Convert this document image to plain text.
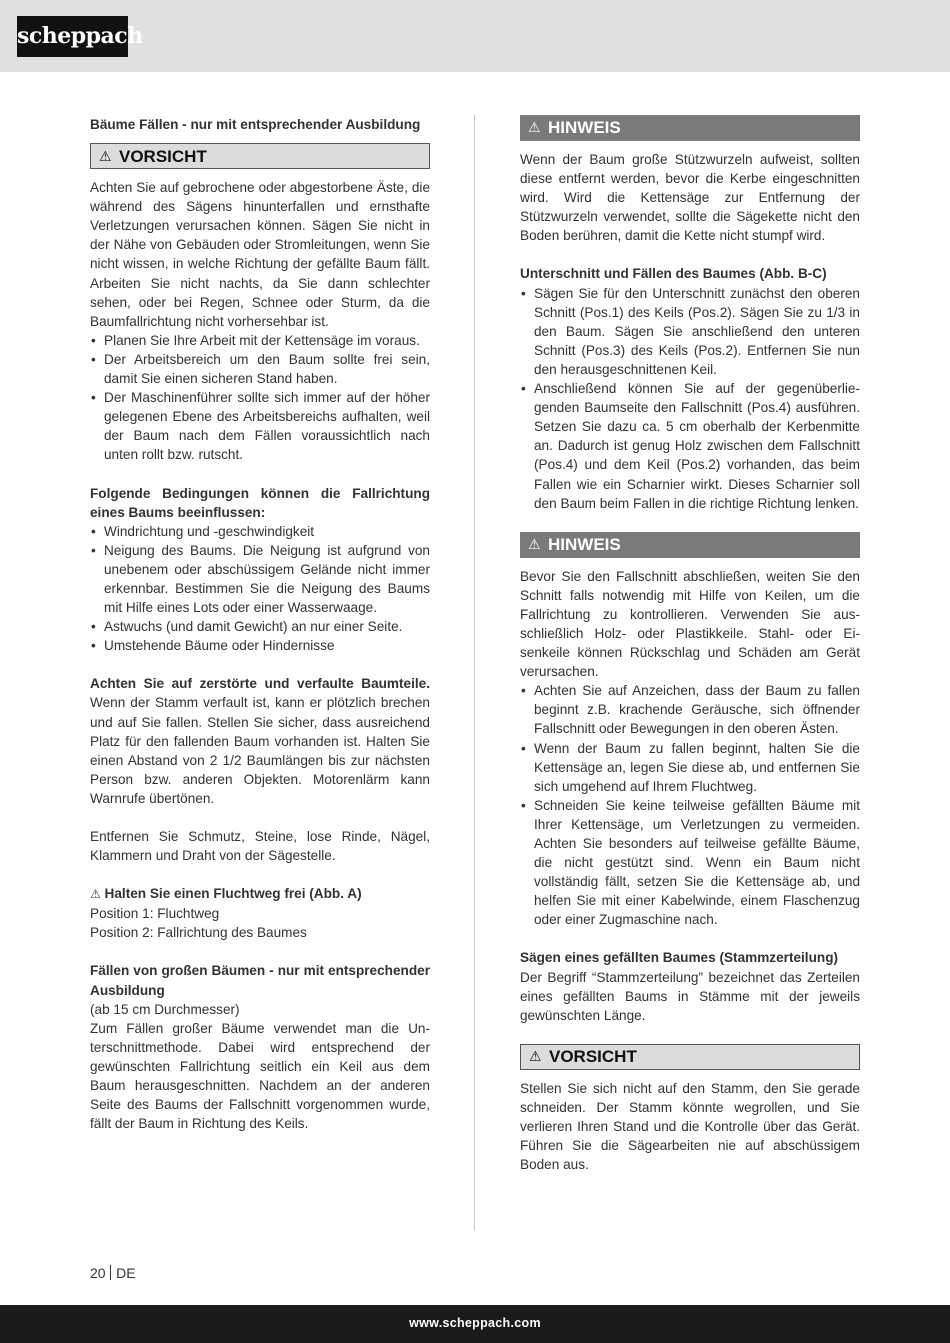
scheppach

Bäume Fällen - nur mit entsprechender Ausbildung

⚠ VORSICHT

Achten Sie auf gebrochene oder abgestorbene Äste, die während des Sägens hinunterfallen und ernsthafte Verletzungen verursachen können. Sägen Sie nicht in der Nähe von Gebäuden oder Stromleitungen, wenn Sie nicht wissen, in welche Richtung der gefällte Baum fällt. Arbeiten Sie nicht nachts, da Sie dann schlechter sehen, oder bei Regen, Schnee oder Sturm, da die Baumfallrichtung nicht vorhersehbar ist.

• Planen Sie Ihre Arbeit mit der Kettensäge im voraus.
• Der Arbeitsbereich um den Baum sollte frei sein, damit Sie einen sicheren Stand haben.
• Der Maschinenführer sollte sich immer auf der höher gelegenen Ebene des Arbeitsbereichs aufhalten, weil der Baum nach dem Fällen voraussichtlich nach unten rollt bzw. rutscht.

Folgende Bedingungen können die Fallrichtung eines Baums beeinflussen:

• Windrichtung und -geschwindigkeit
• Neigung des Baums. Die Neigung ist aufgrund von unebenem oder abschüssigem Gelände nicht immer erkennbar. Bestimmen Sie die Neigung des Baums mit Hilfe eines Lots oder einer Wasserwaage.
• Astwuchs (und damit Gewicht) an nur einer Seite.
• Umstehende Bäume oder Hindernisse

Achten Sie auf zerstörte und verfaulte Baumteile. Wenn der Stamm verfault ist, kann er plötzlich brechen und auf Sie fallen. Stellen Sie sicher, dass ausreichend Platz für den fallenden Baum vorhanden ist. Halten Sie einen Abstand von 2 1/2 Baumlängen bis zur nächsten Person bzw. anderen Objekten. Motorenlärm kann Warnrufe übertönen.

Entfernen Sie Schmutz, Steine, lose Rinde, Nägel, Klammern und Draht von der Sägestelle.

⚠ Halten Sie einen Fluchtweg frei (Abb. A)

Position 1: Fluchtweg

Position 2: Fallrichtung des Baumes

Fällen von großen Bäumen - nur mit entsprechender Ausbildung

(ab 15 cm Durchmesser)

Zum Fällen großer Bäume verwendet man die Unterschnittmethode. Dabei wird entsprechend der gewünschten Fallrichtung seitlich ein Keil aus dem Baum herausgeschnitten. Nachdem an der anderen Seite des Baums der Fallschnitt vorgenommen wurde, fällt der Baum in Richtung des Keils.

⚠ HINWEIS

Wenn der Baum große Stützwurzeln aufweist, sollten diese entfernt werden, bevor die Kerbe eingeschnitten wird. Wird die Kettensäge zur Entfernung der Stützwurzeln verwendet, sollte die Sägekette nicht den Boden berühren, damit die Kette nicht stumpf wird.

Unterschnitt und Fällen des Baumes (Abb. B-C)

• Sägen Sie für den Unterschnitt zunächst den oberen Schnitt (Pos.1) des Keils (Pos.2). Sägen Sie zu 1/3 in den Baum. Sägen Sie anschließend den unteren Schnitt (Pos.3) des Keils (Pos.2). Entfernen Sie nun den herausgeschnittenen Keil.
• Anschließend können Sie auf der gegenüberliegenden Baumseite den Fallschnitt (Pos.4) ausführen. Setzen Sie dazu ca. 5 cm oberhalb der Kerbenmitte an. Dadurch ist genug Holz zwischen dem Fallschnitt (Pos.4) und dem Keil (Pos.2) vorhanden, das beim Fallen wie ein Scharnier wirkt. Dieses Scharnier soll den Baum beim Fallen in die richtige Richtung lenken.
⚠ HINWEIS

Bevor Sie den Fallschnitt abschließen, weiten Sie den Schnitt falls notwendig mit Hilfe von Keilen, um die Fallrichtung zu kontrollieren. Verwenden Sie ausschließlich Holz- oder Plastikkeile. Stahl- oder Eisenkeile können Rückschlag und Schäden am Gerät verursachen.

• Achten Sie auf Anzeichen, dass der Baum zu fallen beginnt z.B. krachende Geräusche, sich öffnender Fallschnitt oder Bewegungen in den oberen Ästen.
• Wenn der Baum zu fallen beginnt, halten Sie die Kettensäge an, legen Sie diese ab, und entfernen Sie sich umgehend auf Ihrem Fluchtweg.
• Schneiden Sie keine teilweise gefällten Bäume mit Ihrer Kettensäge, um Verletzungen zu vermeiden. Achten Sie besonders auf teilweise gefällte Bäume, die nicht gestützt sind. Wenn ein Baum nicht vollständig fällt, setzen Sie die Kettensäge ab, und helfen Sie mit einer Kabelwinde, einem Flaschenzug oder einer Zugmaschine nach.

Sägen eines gefällten Baumes (Stammzerteilung)

Der Begriff “Stammzerteilung” bezeichnet das Zerteilen eines gefällten Baums in Stämme mit der jeweils gewünschten Länge.

⚠ VORSICHT

Stellen Sie sich nicht auf den Stamm, den Sie gerade schneiden. Der Stamm könnte wegrollen, und Sie verlieren Ihren Stand und die Kontrolle über das Gerät. Führen Sie die Sägearbeiten nie auf abschüssigem Boden aus.

20 DE
www.scheppach.com
